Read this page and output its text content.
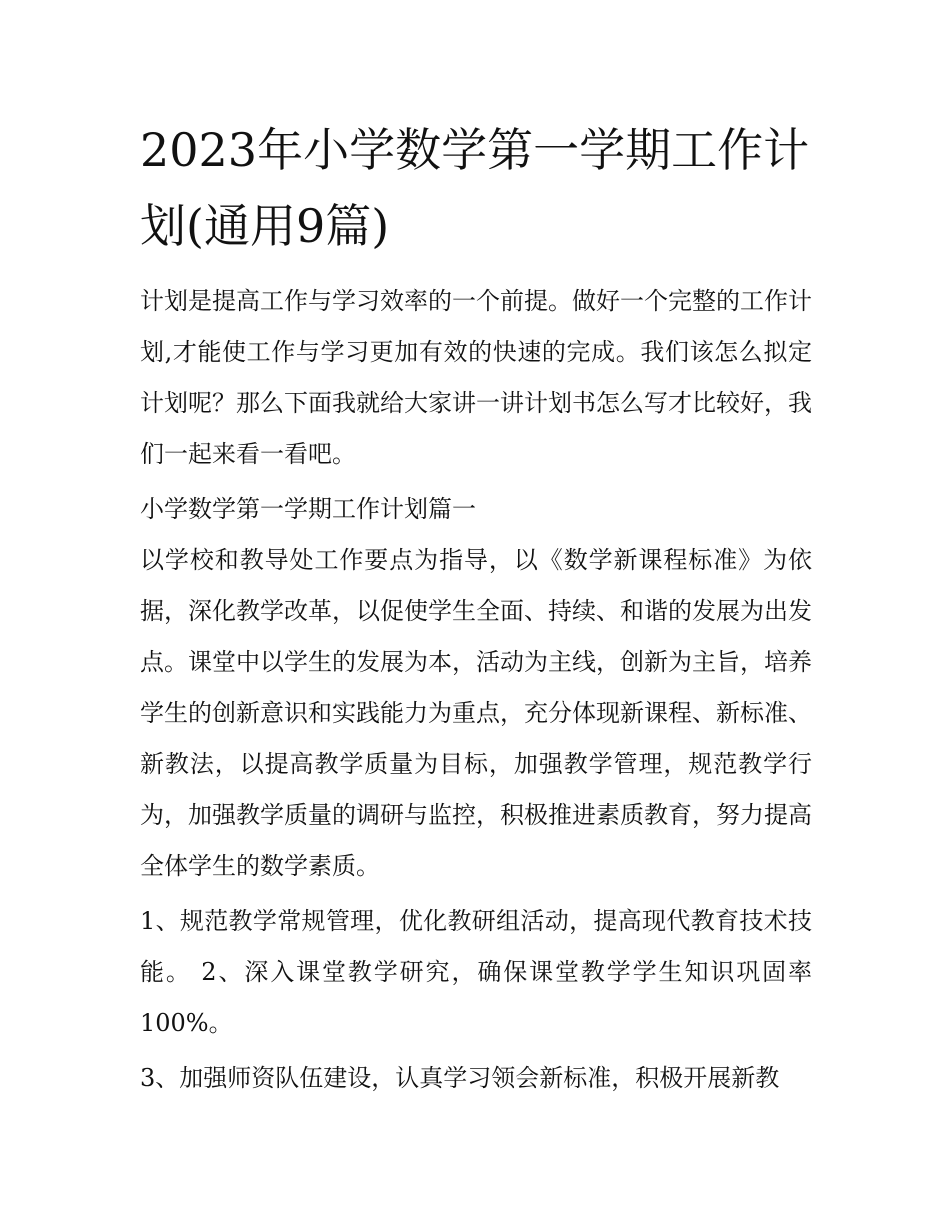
2023年小学数学第一学期工作计划(通用9篇)

计划是提高工作与学习效率的一个前提。做好一个完整的工作计划,才能使工作与学习更加有效的快速的完成。我们该怎么拟定计划呢？那么下面我就给大家讲一讲计划书怎么写才比较好，我们一起来看一看吧。

小学数学第一学期工作计划篇一

以学校和教导处工作要点为指导，以《数学新课程标准》为依据，深化教学改革，以促使学生全面、持续、和谐的发展为出发点。课堂中以学生的发展为本，活动为主线，创新为主旨，培养学生的创新意识和实践能力为重点，充分体现新课程、新标准、新教法，以提高教学质量为目标，加强教学管理，规范教学行为，加强教学质量的调研与监控，积极推进素质教育，努力提高全体学生的数学素质。

1、规范教学常规管理，优化教研组活动，提高现代教育技术技能。 2、深入课堂教学研究，确保课堂教学学生知识巩固率100%。

3、加强师资队伍建设，认真学习领会新标准，积极开展新教
